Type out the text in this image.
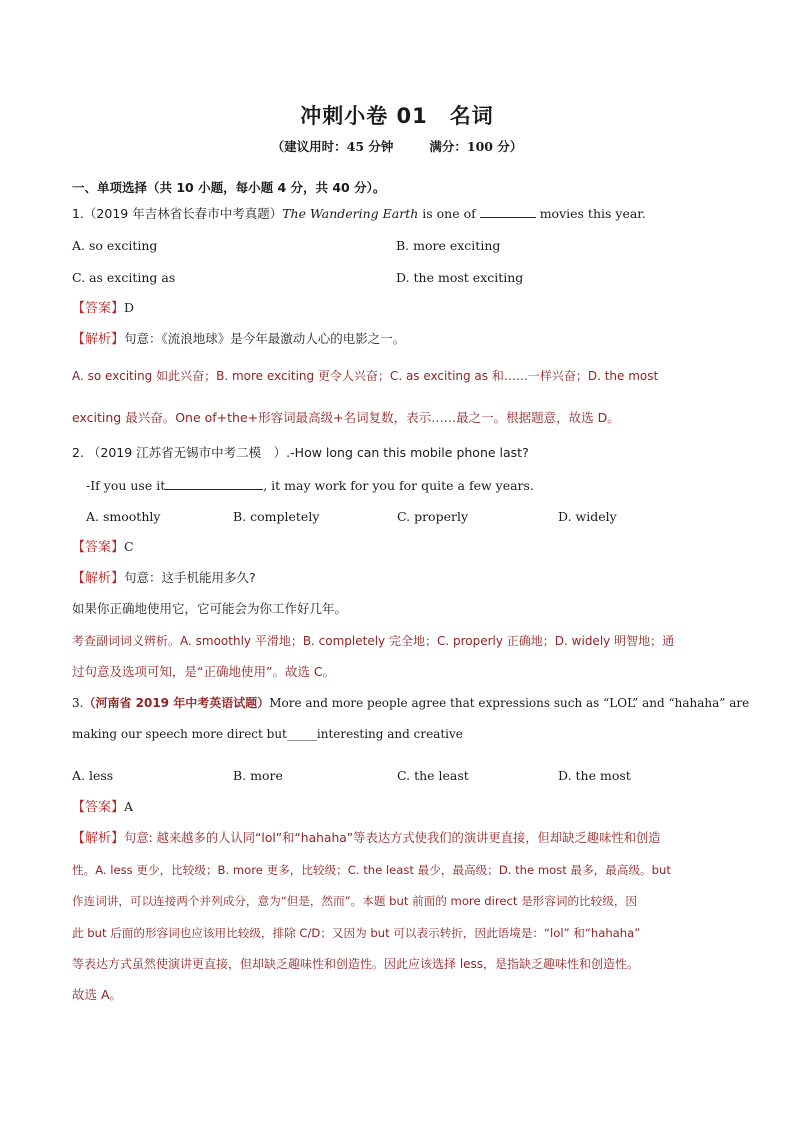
冲刺小卷 01　名词
（建议用时：45 分钟	满分：100 分）
一、单项选择（共 10 小题，每小题 4 分，共 40 分）。
1.（2019 年吉林省长春市中考真题）The Wandering Earth is one of	movies this year.
A. so exciting	B. more exciting
C. as exciting as	D. the most exciting
【答案】D
【解析】句意：《流浪地球》是今年最激动人心的电影之一。
A. so exciting 如此兴奋；B. more exciting 更令人兴奋；C. as exciting as 和……一样兴奋；D. the most
exciting 最兴奋。One of+the+形容词最高级+名词复数，表示……最之一。根据题意，故选 D。
2. （2019 江苏省无锡市中考二模　）.-How long can this mobile phone last?
-If you use it	, it may work for you for quite a few years.
A. smoothly	B. completely	C. properly	D. widely
【答案】C
【解析】句意：这手机能用多久?
如果你正确地使用它，它可能会为你工作好几年。
考查副词词义辨析。A. smoothly 平滑地；B. completely 完全地；C. properly 正确地；D. widely 明智地；通
过句意及选项可知，是“正确地使用”。故选 C。
3.（河南省 2019 年中考英语试题）More and more people agree that expressions such as “LOL” and “hahaha” are
making our speech more direct but_____interesting and creative
A. less	B. more	C. the least	D. the most
【答案】A
【解析】句意: 越来越多的人认同“lol”和“hahaha”等表达方式使我们的演讲更直接，但却缺乏趣味性和创造
性。A. less 更少，比较级；B. more 更多，比较级；C. the least 最少，最高级；D. the most 最多，最高级。but
作连词讲，可以连接两个并列成分，意为“但是，然而”。本题 but 前面的 more direct 是形容词的比较级，因
此 but 后面的形容词也应该用比较级，排除 C/D；又因为 but 可以表示转折，因此语境是：“lol” 和“hahaha”
等表达方式虽然使演讲更直接，但却缺乏趣味性和创造性。因此应该选择 less，是指缺乏趣味性和创造性。
故选 A。
